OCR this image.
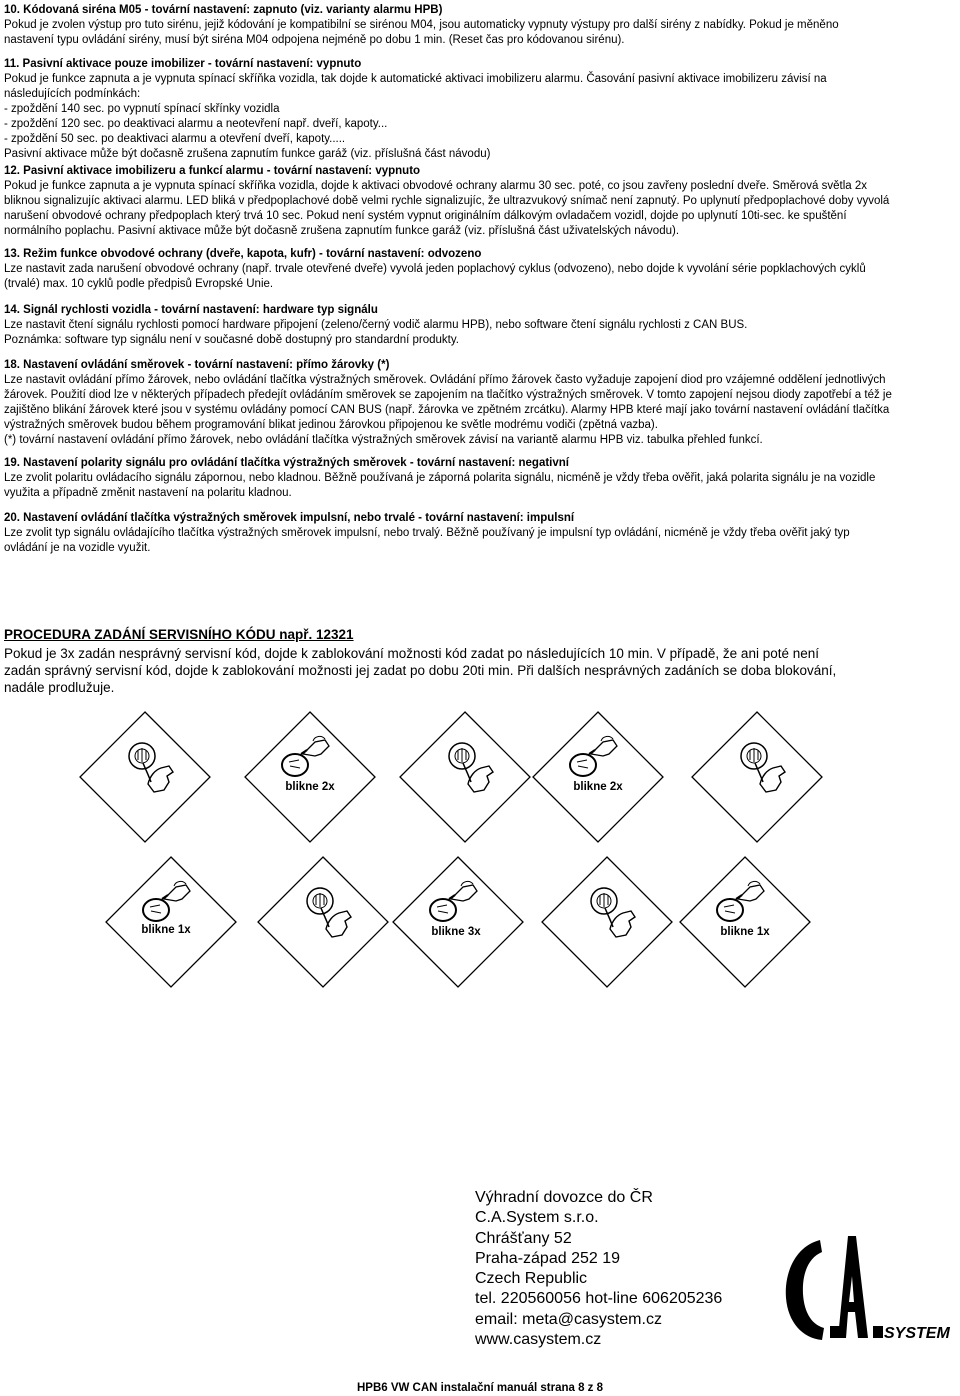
10. Kódovaná siréna M05 - tovární nastavení: zapnuto (viz. varianty alarmu HPB)

Pokud je zvolen výstup pro tuto sirénu, jejiž kódování je kompatibilní se sirénou M04, jsou automaticky vypnuty výstupy pro další sirény z nabídky. Pokud je měněno
nastavení typu ovládání sirény, musí být siréna M04 odpojena nejméně po dobu 1 min. (Reset čas pro kódovanou sirénu).

11. Pasivní aktivace pouze imobilizer - tovární nastavení: vypnuto

Pokud je funkce zapnuta a je vypnuta spínací skříňka vozidla, tak dojde k automatické aktivaci imobilizeru alarmu. Časování pasivní aktivace imobilizeru závisí na
následujících podmínkách:
- zpoždění 140 sec. po vypnutí spínací skřínky vozidla
- zpoždění 120 sec. po deaktivaci alarmu a neotevření např. dveří, kapoty...
- zpoždění 50 sec. po deaktivaci alarmu a otevření dveří, kapoty.....
Pasivní aktivace může být dočasně zrušena zapnutím funkce garáž (viz. příslušná část návodu)

12. Pasivní aktivace imobilizeru a funkcí alarmu - tovární nastavení: vypnuto

Pokud je funkce zapnuta a je vypnuta spínací skříňka vozidla, dojde k aktivaci obvodové ochrany alarmu 30 sec. poté, co jsou zavřeny poslední dveře. Směrová světla 2x
bliknou signalizujíc aktivaci alarmu. LED bliká v předpoplachové době velmi rychle signalizujíc, že ultrazvukový snímač není zapnutý. Po uplynutí předpoplachové doby vyvolá
narušení obvodové ochrany předpoplach který trvá 10 sec. Pokud není systém vypnut originálním dálkovým ovladačem vozidl, dojde po uplynutí 10ti-sec. ke spuštění
normálního poplachu. Pasivní aktivace může být dočasně zrušena zapnutím funkce garáž (viz. příslušná část uživatelských návodu).

13. Režim funkce obvodové ochrany (dveře, kapota, kufr) - tovární nastavení: odvozeno

Lze nastavit zada narušení obvodové ochrany (např. trvale otevřené dveře) vyvolá jeden poplachový cyklus (odvozeno), nebo dojde k vyvolání série popklachových cyklů
(trvalé) max. 10 cyklů podle předpisů Evropské Unie.

14. Signál rychlosti vozidla - tovární nastavení: hardware typ signálu

Lze nastavit čtení signálu rychlosti pomocí hardware připojení (zeleno/černý vodič alarmu HPB), nebo software čtení signálu rychlosti z CAN BUS.
Poznámka: software typ signálu není v současné době dostupný pro standardní produkty.

18. Nastavení ovládání směrovek - tovární nastavení: přímo žárovky (*)

Lze nastavit ovládání přímo žárovek, nebo ovládání tlačítka výstražných směrovek. Ovládání přímo žárovek často vyžaduje zapojení diod pro vzájemné oddělení jednotlivých
žárovek. Použití diod lze v některých případech předejít ovládáním směrovek se zapojením na tlačítko výstražných směrovek. V tomto zapojení nejsou diody zapotřebí a též je
zajištěno blikání žárovek které jsou v systému ovládány pomocí CAN BUS (např. žárovka ve zpětném zrcátku). Alarmy HPB které mají jako tovární nastavení ovládání tlačítka
výstražných směrovek budou během programování blikat jedinou žárovkou připojenou ke světle modrému vodiči (zpětná vazba).
(*) tovární nastavení ovládání přímo žárovek, nebo ovládání tlačítka výstražných směrovek závisí na variantě alarmu HPB viz. tabulka přehled funkcí.

19. Nastavení polarity signálu pro ovládání tlačítka výstražných směrovek - tovární nastavení: negativní

Lze zvolit polaritu ovládacího signálu zápornou, nebo kladnou. Běžně používaná je záporná polarita signálu, nicméně je vždy třeba ověřit, jaká polarita signálu je na vozidle
využita a případně změnit nastavení na polaritu kladnou.

20. Nastavení ovládání tlačítka výstražných směrovek impulsní, nebo trvalé - tovární nastavení: impulsní

Lze zvolit typ signálu ovládajícího tlačítka výstražných směrovek impulsní, nebo trvalý. Běžně používaný je impulsní typ ovládání, nicméně je vždy třeba ověřit jaký typ
ovládání je na vozidle využit.

PROCEDURA ZADÁNÍ SERVISNÍHO KÓDU např. 12321

Pokud je 3x zadán nesprávný servisní kód, dojde k zablokování možnosti kód zadat po následujících 10 min. V případě, že ani poté není
zadán správný servisní kód, dojde k zablokování možnosti jej zadat po dobu 20ti min. Při dalších nesprávných zadáních se doba blokování,
nadále prodlužuje.

blikne 2x	blikne 2x
blikne 1x	blikne 3x	blikne 1x
Výhradní dovozce do ČR
C.A.System s.r.o.
Chrášťany 52
Praha-západ 252 19
Czech Republic
tel. 220560056 hot-line 606205236
email: meta@casystem.cz
www.casystem.cz	SYSTEM
HPB6 VW CAN instalační manuál strana 8 z 8
